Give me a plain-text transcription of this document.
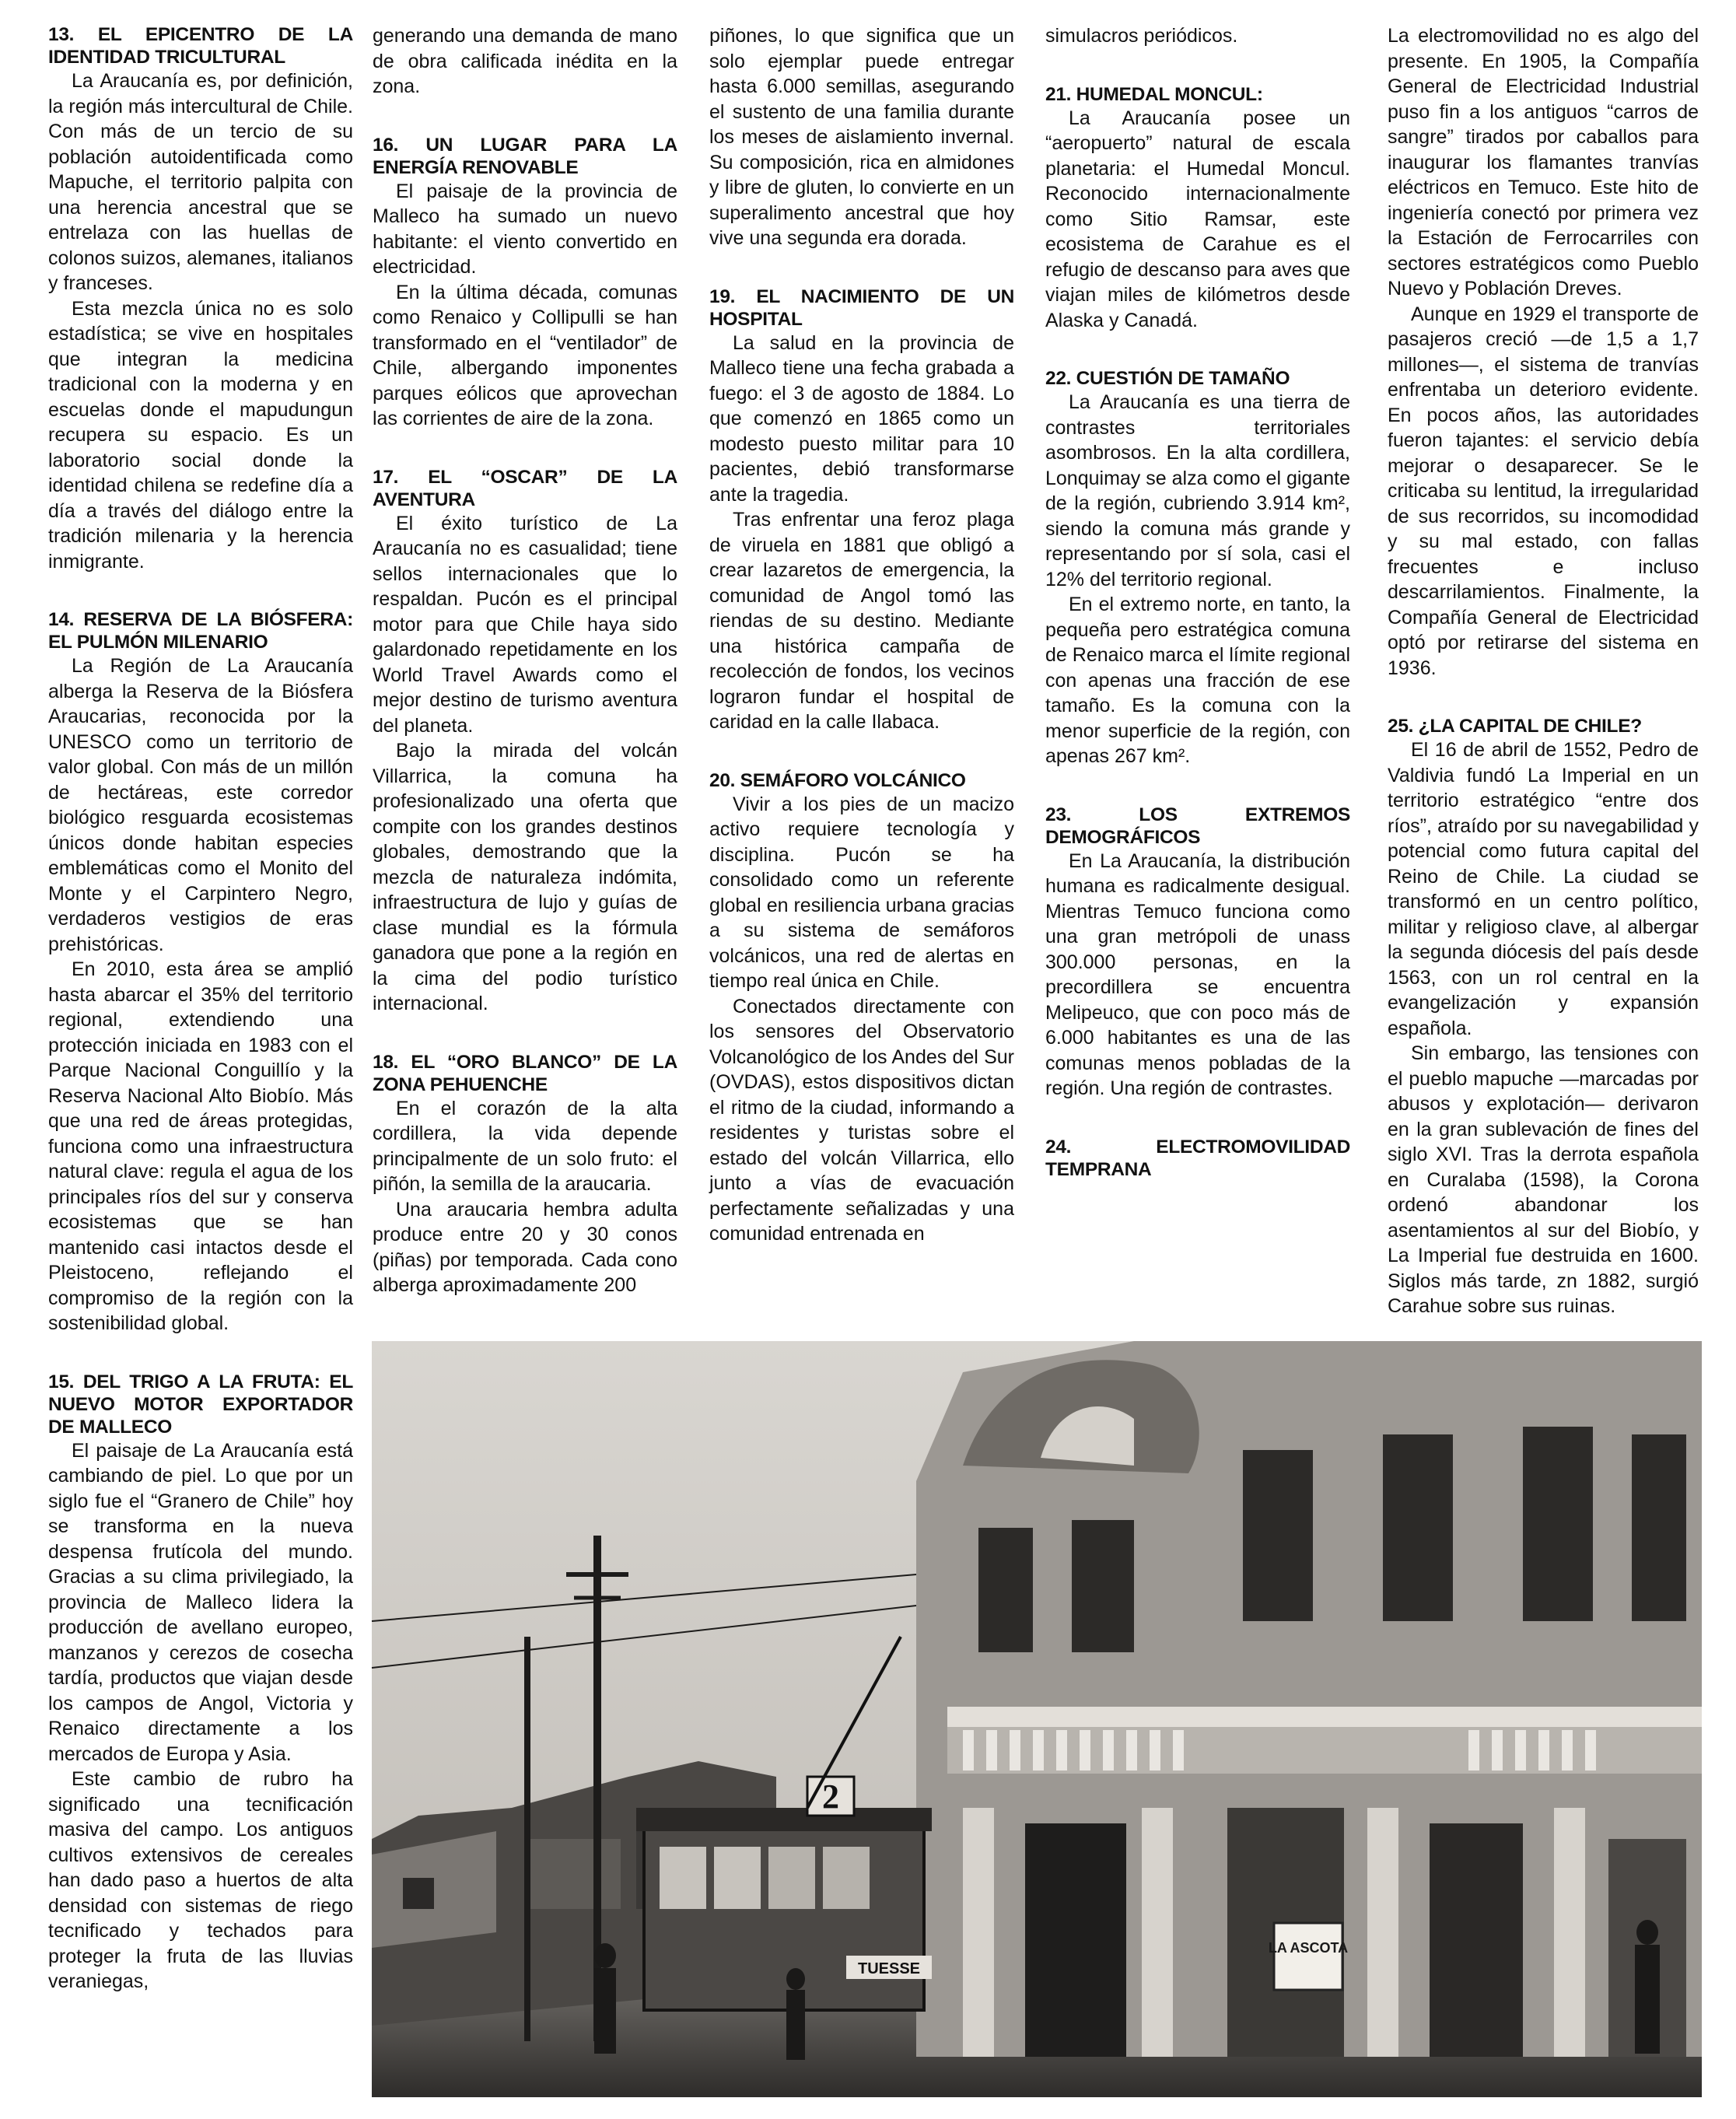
13. EL EPICENTRO DE LA IDENTIDAD TRICULTURAL

La Araucanía es, por definición, la región más intercultural de Chile. Con más de un tercio de su población autoidentificada como Mapuche, el territorio palpita con una herencia ancestral que se entrelaza con las huellas de colonos suizos, alemanes, italianos y franceses.

Esta mezcla única no es solo estadística; se vive en hospitales que integran la medicina tradicional con la moderna y en escuelas donde el mapudungun recupera su espacio. Es un laboratorio social donde la identidad chilena se redefine día a día a través del diálogo entre la tradición milenaria y la herencia inmigrante.

14. RESERVA DE LA BIÓSFERA: EL PULMÓN MILENARIO

La Región de La Araucanía alberga la Reserva de la Biósfera Araucarias, reconocida por la UNESCO como un territorio de valor global. Con más de un millón de hectáreas, este corredor biológico resguarda ecosistemas únicos donde habitan especies emblemáticas como el Monito del Monte y el Carpintero Negro, verdaderos vestigios de eras prehistóricas.

En 2010, esta área se amplió hasta abarcar el 35% del territorio regional, extendiendo una protección iniciada en 1983 con el Parque Nacional Conguillío y la Reserva Nacional Alto Biobío. Más que una red de áreas protegidas, funciona como una infraestructura natural clave: regula el agua de los principales ríos del sur y conserva ecosistemas que se han mantenido casi intactos desde el Pleistoceno, reflejando el compromiso de la región con la sostenibilidad global.

15. DEL TRIGO A LA FRUTA: EL NUEVO MOTOR EXPORTADOR DE MALLECO

El paisaje de La Araucanía está cambiando de piel. Lo que por un siglo fue el “Granero de Chile” hoy se transforma en la nueva despensa frutícola del mundo. Gracias a su clima privilegiado, la provincia de Malleco lidera la producción de avellano europeo, manzanos y cerezos de cosecha tardía, productos que viajan desde los campos de Angol, Victoria y Renaico directamente a los mercados de Europa y Asia.

Este cambio de rubro ha significado una tecnificación masiva del campo. Los antiguos cultivos extensivos de cereales han dado paso a huertos de alta densidad con sistemas de riego tecnificado y techados para proteger la fruta de las lluvias veraniegas,

generando una demanda de mano de obra calificada inédita en la zona.

16. UN LUGAR PARA LA ENERGÍA RENOVABLE

El paisaje de la provincia de Malleco ha sumado un nuevo habitante: el viento convertido en electricidad.

En la última década, comunas como Renaico y Collipulli se han transformado en el “ventilador” de Chile, albergando imponentes parques eólicos que aprovechan las corrientes de aire de la zona.

17. EL “OSCAR” DE LA AVENTURA

El éxito turístico de La Araucanía no es casualidad; tiene sellos internacionales que lo respaldan. Pucón es el principal motor para que Chile haya sido galardonado repetidamente en los World Travel Awards como el mejor destino de turismo aventura del planeta.

Bajo la mirada del volcán Villarrica, la comuna ha profesionalizado una oferta que compite con los grandes destinos globales, demostrando que la mezcla de naturaleza indómita, infraestructura de lujo y guías de clase mundial es la fórmula ganadora que pone a la región en la cima del podio turístico internacional.

18. EL “ORO BLANCO” DE LA ZONA PEHUENCHE

En el corazón de la alta cordillera, la vida depende principalmente de un solo fruto: el piñón, la semilla de la araucaria.

Una araucaria hembra adulta produce entre 20 y 30 conos (piñas) por temporada. Cada cono alberga aproximadamente 200

piñones, lo que significa que un solo ejemplar puede entregar hasta 6.000 semillas, asegurando el sustento de una familia durante los meses de aislamiento invernal. Su composición, rica en almidones y libre de gluten, lo convierte en un superalimento ancestral que hoy vive una segunda era dorada.

19. EL NACIMIENTO DE UN HOSPITAL

La salud en la provincia de Malleco tiene una fecha grabada a fuego: el 3 de agosto de 1884. Lo que comenzó en 1865 como un modesto puesto militar para 10 pacientes, debió transformarse ante la tragedia.

Tras enfrentar una feroz plaga de viruela en 1881 que obligó a crear lazaretos de emergencia, la comunidad de Angol tomó las riendas de su destino. Mediante una histórica campaña de recolección de fondos, los vecinos lograron fundar el hospital de caridad en la calle Ilabaca.

20. SEMÁFORO VOLCÁNICO

Vivir a los pies de un macizo activo requiere tecnología y disciplina. Pucón se ha consolidado como un referente global en resiliencia urbana gracias a su sistema de semáforos volcánicos, una red de alertas en tiempo real única en Chile.

Conectados directamente con los sensores del Observatorio Volcanológico de los Andes del Sur (OVDAS), estos dispositivos dictan el ritmo de la ciudad, informando a residentes y turistas sobre el estado del volcán Villarrica, ello junto a vías de evacuación perfectamente señalizadas y una comunidad entrenada en

simulacros periódicos.

21. HUMEDAL MONCUL:

La Araucanía posee un “aeropuerto” natural de escala planetaria: el Humedal Moncul. Reconocido internacionalmente como Sitio Ramsar, este ecosistema de Carahue es el refugio de descanso para aves que viajan miles de kilómetros desde Alaska y Canadá.

22. CUESTIÓN DE TAMAÑO

La Araucanía es una tierra de contrastes territoriales asombrosos. En la alta cordillera, Lonquimay se alza como el gigante de la región, cubriendo 3.914 km², siendo la comuna más grande y representando por sí sola, casi el 12% del territorio regional.

En el extremo norte, en tanto, la pequeña pero estratégica comuna de Renaico marca el límite regional con apenas una fracción de ese tamaño. Es la comuna con la menor superficie de la región, con apenas 267 km².

23. LOS EXTREMOS DEMOGRÁFICOS

En La Araucanía, la distribución humana es radicalmente desigual. Mientras Temuco funciona como una gran metrópoli de unass 300.000 personas, en la precordillera se encuentra Melipeuco, que con poco más de 6.000 habitantes es una de las comunas menos pobladas de la región. Una región de contrastes.

24. ELECTROMOVILIDAD TEMPRANA

La electromovilidad no es algo del presente. En 1905, la Compañía General de Electricidad Industrial puso fin a los antiguos “carros de sangre” tirados por caballos para inaugurar los flamantes tranvías eléctricos en Temuco. Este hito de ingeniería conectó por primera vez la Estación de Ferrocarriles con sectores estratégicos como Pueblo Nuevo y Población Dreves.

Aunque en 1929 el transporte de pasajeros creció —de 1,5 a 1,7 millones—, el sistema de tranvías enfrentaba un deterioro evidente. En pocos años, las autoridades fueron tajantes: el servicio debía mejorar o desaparecer. Se le criticaba su lentitud, la irregularidad de sus recorridos, su incomodidad y su mal estado, con fallas frecuentes e incluso descarrilamientos. Finalmente, la Compañía General de Electricidad optó por retirarse del sistema en 1936.

25. ¿LA CAPITAL DE CHILE?

El 16 de abril de 1552, Pedro de Valdivia fundó La Imperial en un territorio estratégico “entre dos ríos”, atraído por su navegabilidad y potencial como futura capital del Reino de Chile. La ciudad se transformó en un centro político, militar y religioso clave, al albergar la segunda diócesis del país desde 1563, con un rol central en la evangelización y expansión española.

Sin embargo, las tensiones con el pueblo mapuche —marcadas por abusos y explotación— derivaron en la gran sublevación de fines del siglo XVI. Tras la derrota española en Curalaba (1598), la Corona ordenó abandonar los asentamientos al sur del Biobío, y La Imperial fue destruida en 1600. Siglos más tarde, zn 1882, surgió Carahue sobre sus ruinas.

LA ASCOTA
2
TUESSE
